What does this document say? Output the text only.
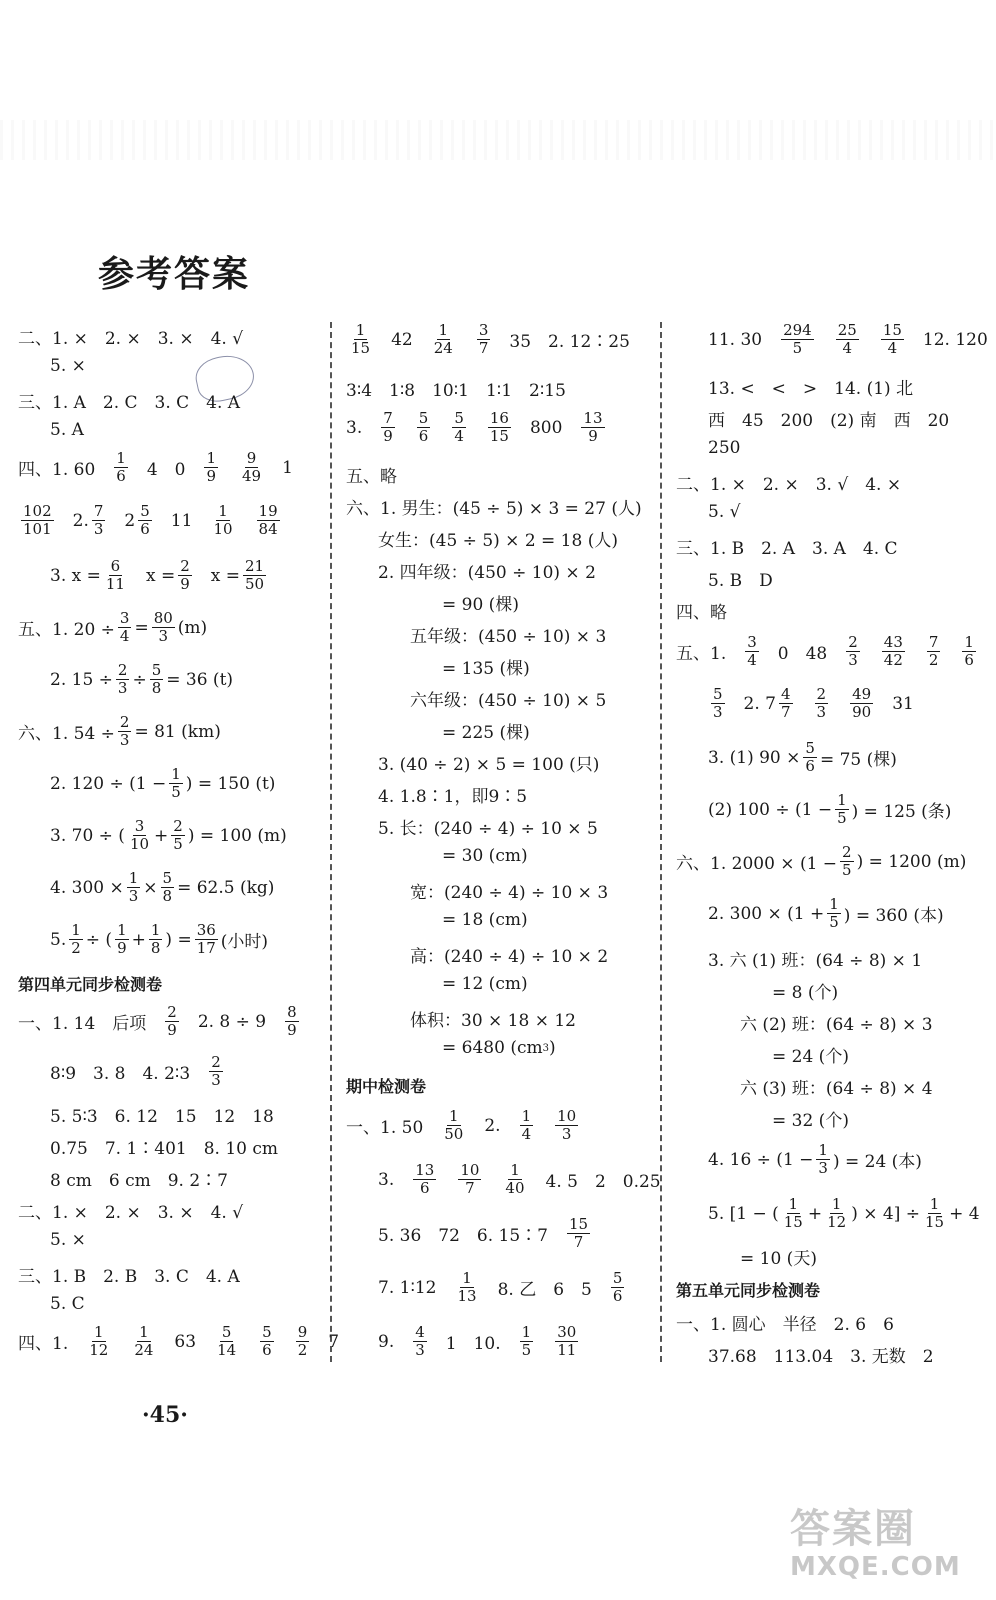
参考答案
二、1. ×　2. ×　3. ×　4. √
5. ×
三、1. A　2. C　3. C　4. A
5. A
四、1. $60 \frac{1}{6} 4$　$0 \frac{1}{9} \frac{9}{49} 1$
$\frac{102}{101} 2$. $\frac{7}{3} 2 \frac{5}{6} 11 \frac{1}{10} \frac{19}{84}$
3. $x = \frac{6}{11}$ $x = \frac{2}{9}$ $x = \frac{21}{50}$
五、1. $20 \div \frac{3}{4} = \frac{80}{3} (m)$
2. $15 \div \frac{2}{3} \div \frac{5}{8} = 36$ (t)
六、1. $54 \div \frac{2}{3} = 81$ (km)
2. $120 \div (1 - \frac{1}{5}$ ) = 150 (t)
3. 70 ÷ ( $\frac{3}{10} + \frac{2}{5}$ ) = 100 (m)
4. $300 \times \frac{1}{3} \times \frac{5}{8} = 62.5$ (kg)
5. $\frac{1}{2}$ ÷ ( $\frac{1}{9} + \frac{1}{8}$ ) = $\frac{36}{17}$ (小时)
第四单元同步检测卷
一、1. 14　后项 $\frac{2}{9} 2$. $8 \div 9 \frac{8}{9}$
8∶9　3. 8　4. 2∶3 $\frac{2}{3}$
5. 5∶3　6. 12　15　12　18
0.75　7. 1∶401　8. 10 cm
8 cm　6 cm　9. 2∶7
二、1. ×　2. ×　3. ×　4. √
5. ×
三、1. B　2. B　3. C　4. A
5. C
四、1. $\frac{1}{12} \frac{1}{24} 63 \frac{5}{14} \frac{5}{6} \frac{9}{2} 7$
$\frac{1}{15} 42 \frac{1}{24} \frac{3}{7} 35$　2. 12∶25
3∶4　1∶8　10∶1　1∶1　2∶15
3. $\frac{7}{9} \frac{5}{6} \frac{5}{4} \frac{16}{15} 800 \frac{13}{9}$
五、略
六、1. 男生：(45 ÷ 5) × 3 = 27 (人)
女生：(45 ÷ 5) × 2 = 18 (人)
2. 四年级：(450 ÷ 10) × 2
= 90 (棵)
五年级：(450 ÷ 10) × 3
= 135 (棵)
六年级：(450 ÷ 10) × 5
= 225 (棵)
3. (40 ÷ 2) × 5 = 100 (只)
4. 1.8∶1，即9∶5
5. 长：(240 ÷ 4) ÷ 10 × 5
= 30 (cm)
宽：(240 ÷ 4) ÷ 10 × 3
= 18 (cm)
高：(240 ÷ 4) ÷ 10 × 2
= 12 (cm)
体积：30 × 18 × 12
= 6480 (cm 3 )
期中检测卷
一、1. $50 \frac{1}{50} 2$. $\frac{1}{4} \frac{10}{3}$
3. $\frac{13}{6} \frac{10}{7} \frac{1}{40} 4$. 5　2　0.25
5. 36　72　6. 15∶7 $\frac{15}{7}$
7. 1∶12 $\frac{1}{13} 8$. 乙　6　$5 \frac{5}{6}$
9. $\frac{4}{3} 1$　10. $\frac{1}{5} \frac{30}{11}$
11. $30 \frac{294}{5} \frac{25}{4} \frac{15}{4} 12$. 120
13. <　<　>　14. (1) 北
西　45　200　(2) 南　西　20
250
二、1. ×　2. ×　3. √　4. ×
5. √
三、1. B　2. A　3. A　4. C
5. B　D
四、略
五、1. $\frac{3}{4} 0$　$48 \frac{2}{3} \frac{43}{42} \frac{7}{2} \frac{1}{6}$
$\frac{5}{3} 2$. $7 \frac{4}{7} \frac{2}{3} \frac{49}{90} 31$
3. (1) $90 \times \frac{5}{6} = 75$ (棵)
(2) $100 \div (1 - \frac{1}{5}$ ) = 125 (条)
六、1. $2000 \times (1 - \frac{2}{5}$ ) = 1200 (m)
2. $300 \times (1 + \frac{1}{5}$ ) = 360 (本)
3. 六 (1) 班：(64 ÷ 8) × 1
= 8 (个)
六 (2) 班：(64 ÷ 8) × 3
= 24 (个)
六 (3) 班：(64 ÷ 8) × 4
= 32 (个)
4. $16 \div (1 - \frac{1}{3}$ ) = 24 (本)
5. [1 − ( $\frac{1}{15} + \frac{1}{12}$ ) × $4] \div \frac{1}{15} + 4$
= 10 (天)
第五单元同步检测卷
一、1. 圆心　半径　2. 6　6
37.68　113.04　3. 无数　2
·45·
答案圈
MXQE.COM
